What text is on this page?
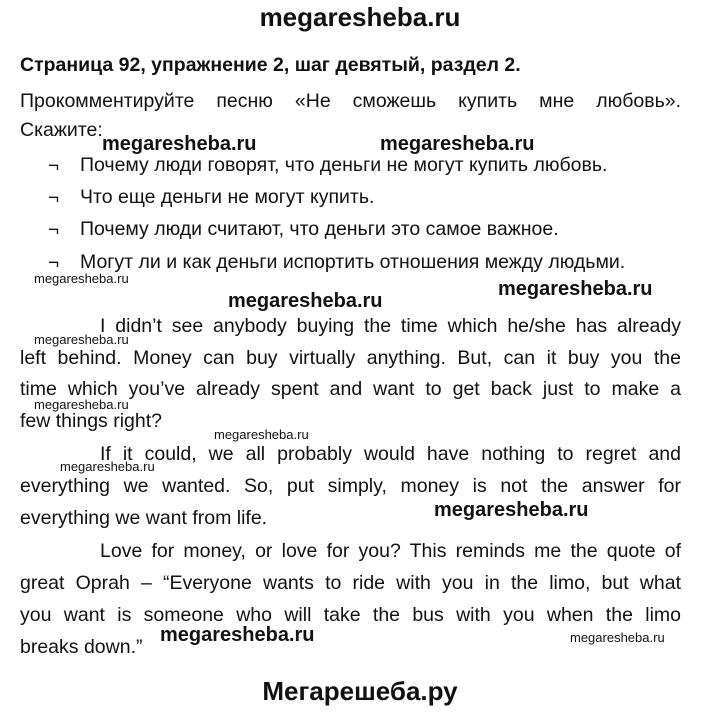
megaresheba.ru
Страница 92, упражнение 2, шаг девятый, раздел 2.
Прокомментируйте песню «Не сможешь купить мне любовь».
Скажите:
¬ Почему люди говорят, что деньги не могут купить любовь.
¬ Что еще деньги не могут купить.
¬ Почему люди считают, что деньги это самое важное.
¬ Могут ли и как деньги испортить отношения между людьми.
I didn’t see anybody buying the time which he/she has already
left behind. Money can buy virtually anything. But, can it buy you the
time which you’ve already spent and want to get back just to make a
few things right?
If it could, we all probably would have nothing to regret and
everything we wanted. So, put simply, money is not the answer for
everything we want from life.
Love for money, or love for you? This reminds me the quote of
great Oprah – “Everyone wants to ride with you in the limo, but what
you want is someone who will take the bus with you when the limo
breaks down.”
megaresheba.ru	megaresheba.ru
megaresheba.ru
megaresheba.ru
megaresheba.ru
megaresheba.ru
megaresheba.ru
megaresheba.ru
megaresheba.ru
megaresheba.ru
megaresheba.ru	megaresheba.ru
Мегарешеба.ру
